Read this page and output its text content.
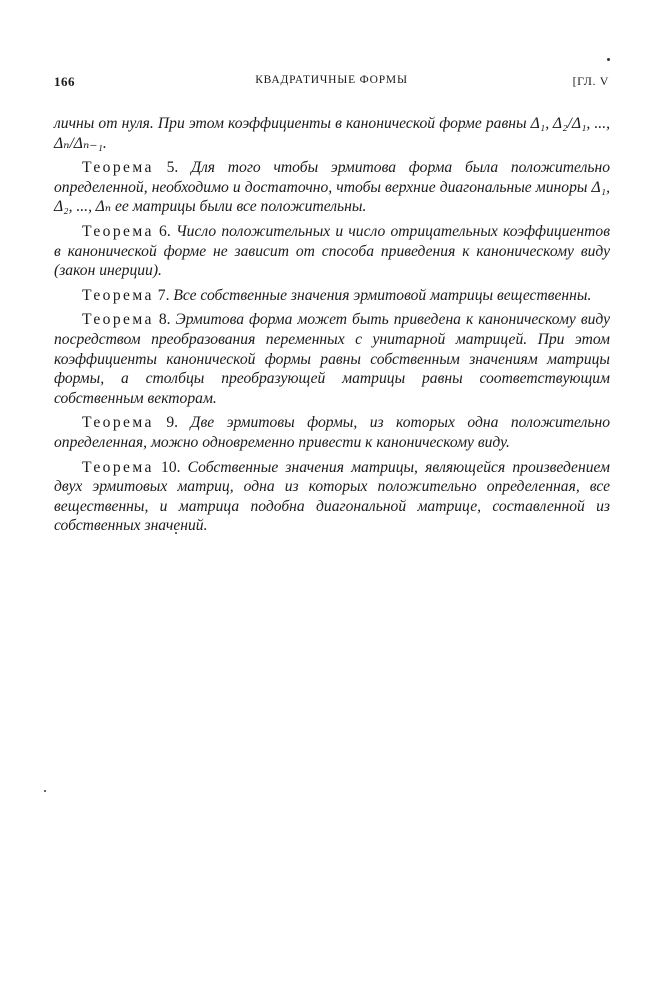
166	КВАДРАТИЧНЫЕ ФОРМЫ	[ГЛ. V

личны от нуля. При этом коэффициенты в канонической форме равны Δ₁, Δ₂/Δ₁, ..., Δₙ/Δₙ₋₁.

Теорема 5. Для того чтобы эрмитова форма была положительно определенной, необходимо и достаточно, чтобы верхние диагональные миноры Δ₁, Δ₂, ..., Δₙ ее матрицы были все положительны.

Теорема 6. Число положительных и число отрицательных коэффициентов в канонической форме не зависит от способа приведения к каноническому виду (закон инерции).

Теорема 7. Все собственные значения эрмитовой матрицы вещественны.

Теорема 8. Эрмитова форма может быть приведена к каноническому виду посредством преобразования переменных с унитарной матрицей. При этом коэффициенты канонической формы равны собственным значениям матрицы формы, а столбцы преобразующей матрицы равны соответствующим собственным векторам.

Теорема 9. Две эрмитовы формы, из которых одна положительно определенная, можно одновременно привести к каноническому виду.

Теорема 10. Собственные значения матрицы, являющейся произведением двух эрмитовых матриц, одна из которых положительно определенная, все вещественны, и матрица подобна диагональной матрице, составленной из собственных значений.
